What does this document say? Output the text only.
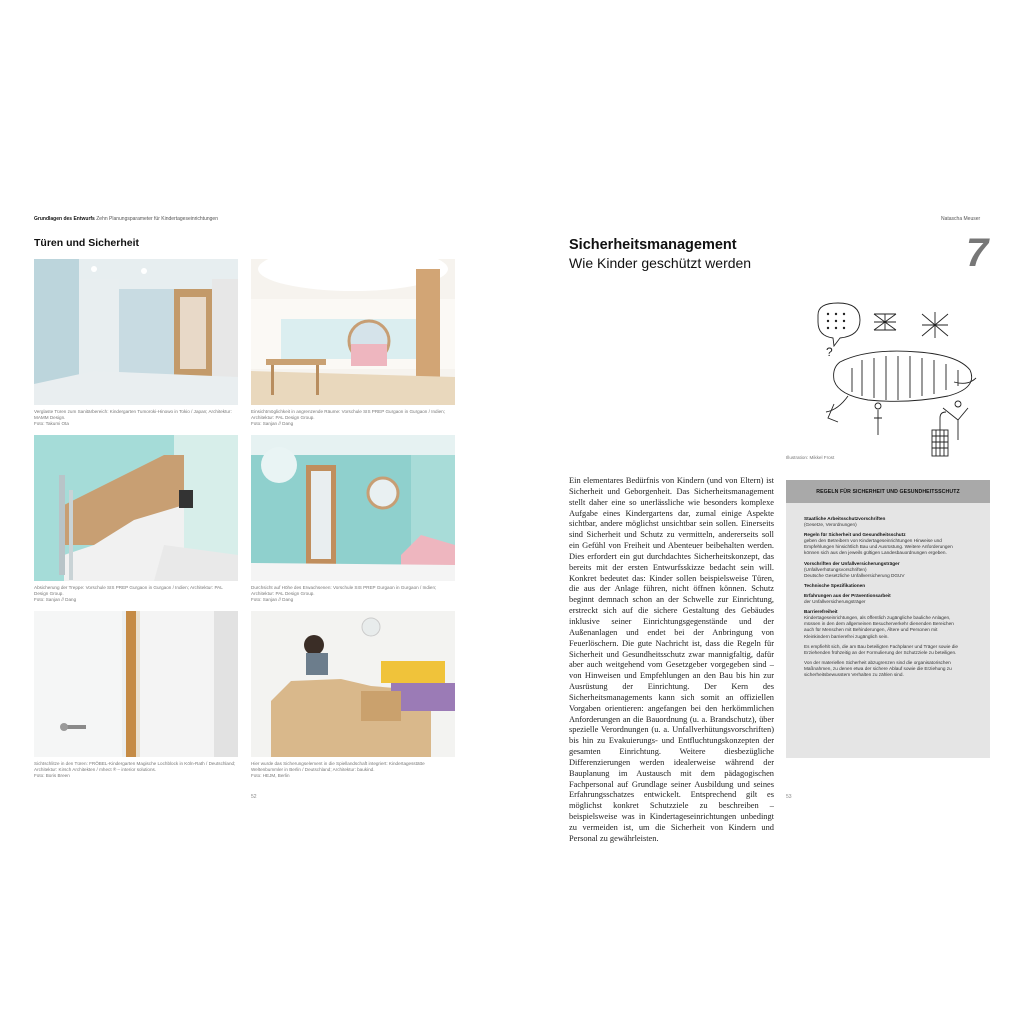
Grundlagen des Entwurfs Zehn Planungsparameter für Kindertageseinrichtungen
Türen und Sicherheit
Verglaste Türen zum Sanitärbereich: Kindergarten Tumoroki-Hinowo in Tokio / Japan; Architektur: MAMM Design.
Foto: Takumi Ota
Einsichtmöglichkeit in angrenzende Räume: Vorschule SIS PREP Gurgaon in Gurgaon / Indien; Architektur: PAL Design Group.
Foto: Sanjan // Dang
Absicherung der Treppe: Vorschule SIS PREP Gurgaon in Gurgaon / Indien; Architektur: PAL Design Group.
Foto: Sanjan // Dang
Durchsicht auf Höhe des Erwachsenen: Vorschule SIS PREP Gurgaon in Gurgaon / Indien; Architektur: PAL Design Group.
Foto: Sanjan // Dang
Sichtschlitze in den Türen: FRÖBEL-Kindergarten Magische Lochblock in Köln-Rath / Deutschland; Architektur: Kirsch Architekten / mhect ® – interior solutions.
Foto: Boris Breen
Hier wurde das Sicherungselement in die Spiellandschaft integriert: Kindertagesstätte Weltenbummler in Berlin / Deutschland; Architektur: baukind.
Foto: HEJM, Berlin
52
Natascha Meuser
Sicherheitsmanagement
Wie Kinder geschützt werden	7
?
Illustration: Mikkel Frost
Ein elementares Bedürfnis von Kindern (und von Eltern) ist Sicherheit und Geborgenheit. Das Sicherheitsmanagement stellt daher eine so unerlässliche wie besonders komplexe Aufgabe eines Kindergartens dar, zumal einige Aspekte sichtbar, andere möglichst unsichtbar sein sollen. Einerseits sind Sicherheit und Schutz zu vermitteln, andererseits soll ein Gefühl von Freiheit und Abenteuer beibehalten werden. Dies erfordert ein gut durchdachtes Sicherheitskonzept, das bereits mit der ersten Entwurfsskizze bedacht sein will. Konkret bedeutet das: Kinder sollen beispielsweise Türen, die aus der Anlage führen, nicht öffnen können. Schutz beginnt demnach schon an der Schwelle zur Einrichtung, erstreckt sich auf die sichere Gestaltung des Gebäudes inklusive seiner Einrichtungsgegenstände und der Außenanlagen und endet bei der Anbringung von Feuerlöschern. Die gute Nachricht ist, dass die Regeln für Sicherheit und Gesundheitsschutz zwar mannigfaltig, dafür aber auch weitgehend vom Gesetzgeber vorgegeben sind – von Hinweisen und Empfehlungen an den Bau bis hin zur Ausrüstung der Einrichtung. Der Kern des Sicherheitsmanagements kann sich somit an offiziellen Vorgaben orientieren: angefangen bei den herkömmlichen Anforderungen an die Bauordnung (u. a. Brandschutz), über spezielle Verordnungen (u. a. Unfallverhütungsvorschriften) bis hin zu Evakuierungs- und Entfluchtungskonzepten der gesamten Einrichtung. Weitere diesbezügliche Differenzierungen werden idealerweise während der Bauplanung im Austausch mit dem pädagogischen Fachpersonal auf Grundlage seiner Ausbildung und seines Erfahrungsschatzes entwickelt. Entsprechend gilt es möglichst konkret Schutzziele zu beschreiben – beispielsweise was in Kindertageseinrichtungen unbedingt zu vermeiden ist, um die Sicherheit von Kindern und Personal zu gewährleisten.
REGELN FÜR SICHERHEIT UND GESUNDHEITSSCHUTZ
Staatliche Arbeitsschutzvorschriften
(Gesetze, Verordnungen)
Regeln für Sicherheit und Gesundheitsschutz
geben den Betreibern von Kindertageseinrichtungen Hinweise und Empfehlungen hinsichtlich Bau und Ausrüstung. Weitere Anforderungen können sich aus den jeweils gültigen Landesbauordnungen ergeben.
Vorschriften der Unfallversicherungsträger
(Unfallverhütungsvorschriften)
Deutsche Gesetzliche Unfallversicherung DGUV
Technische Spezifikationen
Erfahrungen aus der Präventionsarbeit
der Unfallversicherungsträger
Barrierefreiheit
Kindertageseinrichtungen, als öffentlich zugängliche bauliche Anlagen, müssen in den dem allgemeinen Besucherverkehr dienenden Bereichen auch für Menschen mit Behinderungen, Ältere und Personen mit Kleinkindern barrierefrei zugänglich sein.
Es empfiehlt sich, die am Bau beteiligten Fachplaner und Träger sowie die Erziehenden frühzeitig an der Formulierung der Schutzziele zu beteiligen.
Von der materiellen Sicherheit abzugrenzen sind die organisatorischen Maßnahmen, zu denen etwa der sichere Ablauf sowie die Erziehung zu sicherheitsbewusstem Verhalten zu zählen sind.
53
